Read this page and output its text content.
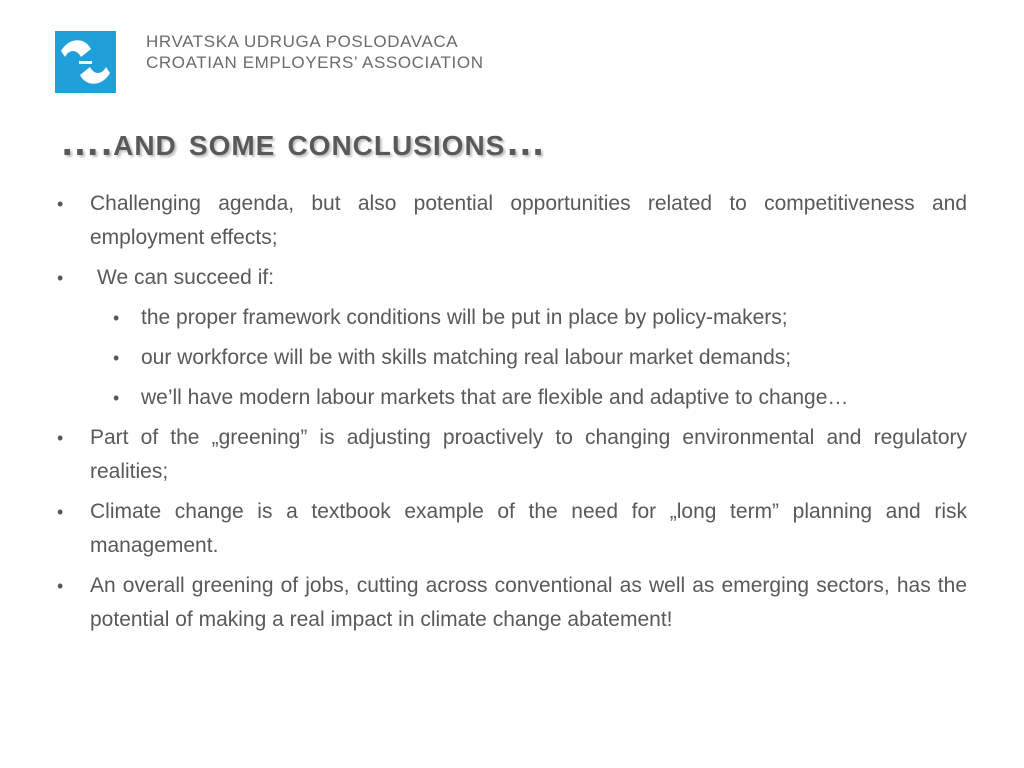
HRVATSKA UDRUGA POSLODAVACA
CROATIAN EMPLOYERS’ ASSOCIATION
….and some conclusions…
• Challenging agenda, but also potential opportunities related to competitiveness and employment effects;
• We can succeed if:
• the proper framework conditions will be put in place by policy-makers;
• our workforce will be with skills matching real labour market demands;
• we’ll have modern labour markets that are flexible and adaptive to change…
• Part of the „greening” is adjusting proactively to changing environmental and regulatory realities;
• Climate change is a textbook example of the need for „long term” planning and risk management.
• An overall greening of jobs, cutting across conventional as well as emerging sectors, has the potential of making a real impact in climate change abatement!
